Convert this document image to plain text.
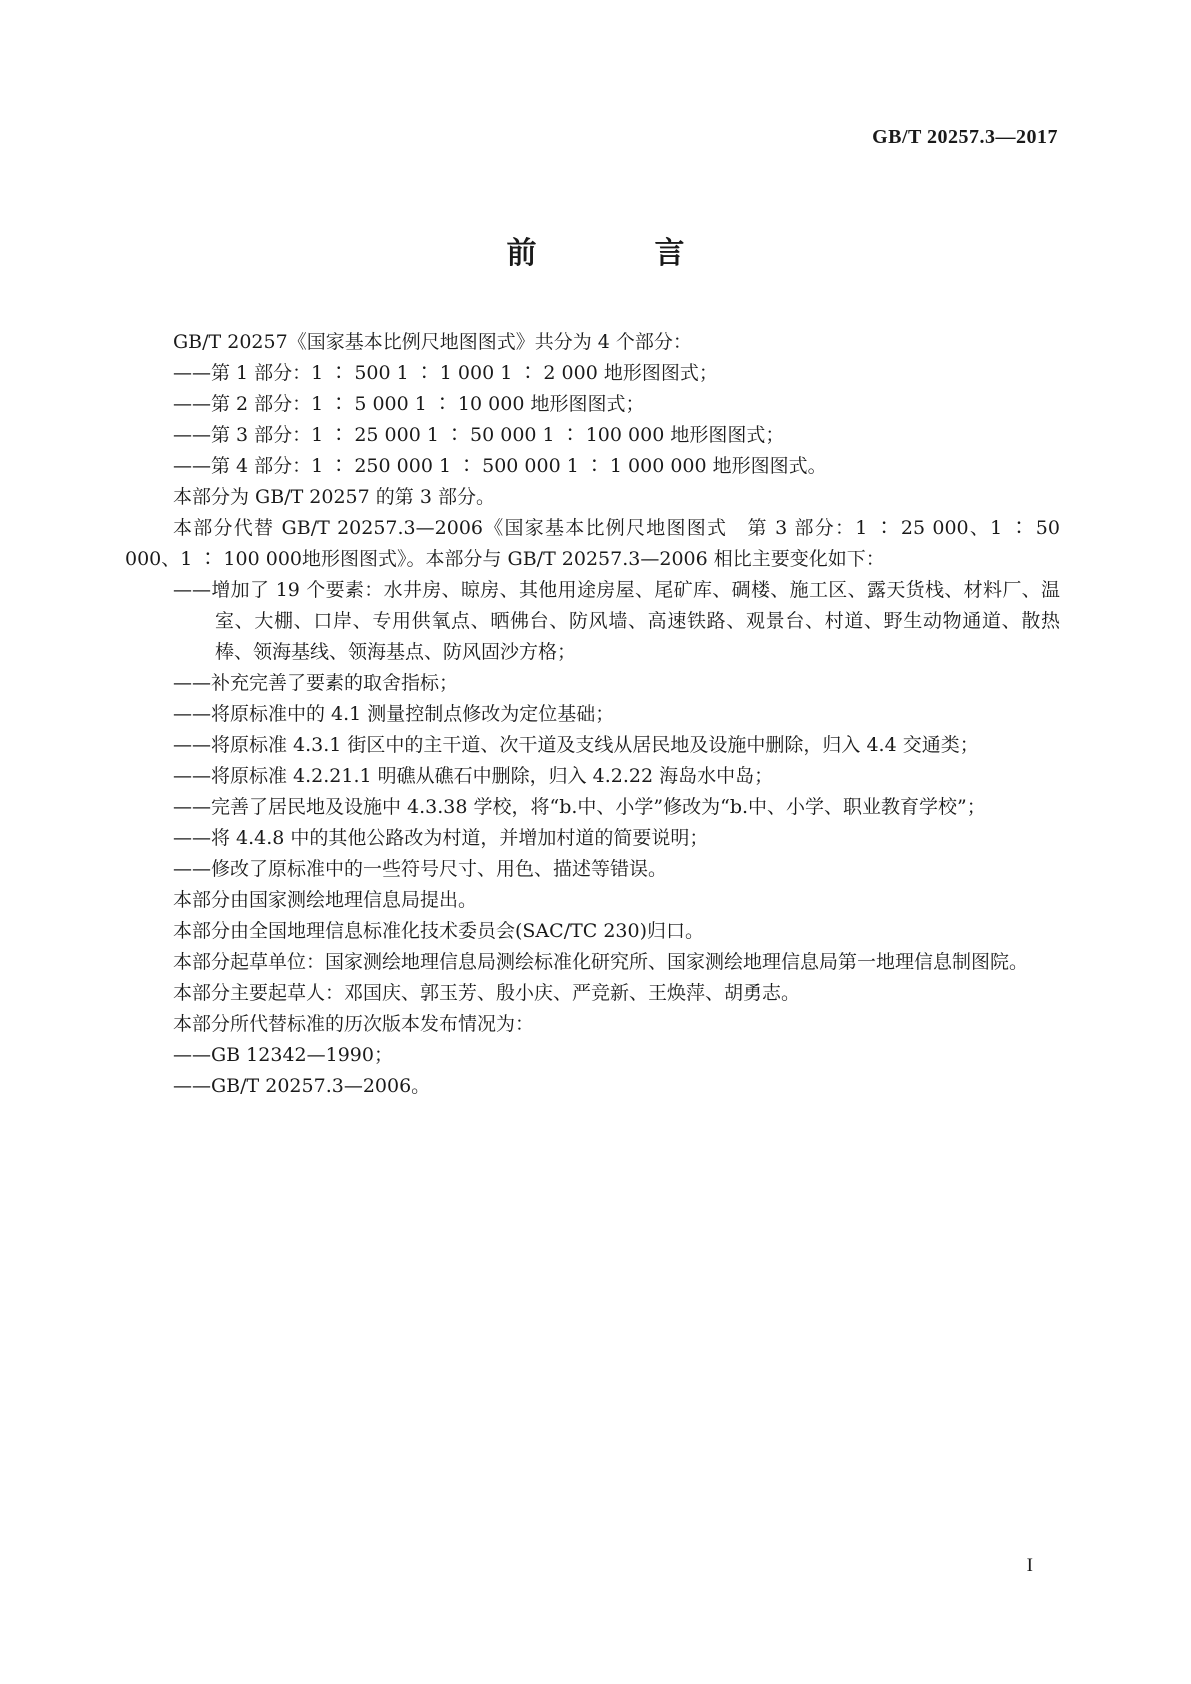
GB/T 20257.3—2017
前　言

GB/T 20257《国家基本比例尺地图图式》共分为 4 个部分：

——第 1 部分：1 ∶ 500 1 ∶ 1 000 1 ∶ 2 000 地形图图式；

——第 2 部分：1 ∶ 5 000 1 ∶ 10 000 地形图图式；

——第 3 部分：1 ∶ 25 000 1 ∶ 50 000 1 ∶ 100 000 地形图图式；

——第 4 部分：1 ∶ 250 000 1 ∶ 500 000 1 ∶ 1 000 000 地形图图式。

本部分为 GB/T 20257 的第 3 部分。

本部分代替 GB/T 20257.3—2006《国家基本比例尺地图图式　第 3 部分：1 ∶ 25 000、1 ∶ 50 000、1 ∶ 100 000地形图图式》。本部分与 GB/T 20257.3—2006 相比主要变化如下：

——增加了 19 个要素：水井房、晾房、其他用途房屋、尾矿库、碉楼、施工区、露天货栈、材料厂、温室、大棚、口岸、专用供氧点、晒佛台、防风墙、高速铁路、观景台、村道、野生动物通道、散热棒、领海基线、领海基点、防风固沙方格；

——补充完善了要素的取舍指标；

——将原标准中的 4.1 测量控制点修改为定位基础；

——将原标准 4.3.1 街区中的主干道、次干道及支线从居民地及设施中删除，归入 4.4 交通类；

——将原标准 4.2.21.1 明礁从礁石中删除，归入 4.2.22 海岛水中岛；

——完善了居民地及设施中 4.3.38 学校，将“b.中、小学”修改为“b.中、小学、职业教育学校”；

——将 4.4.8 中的其他公路改为村道，并增加村道的简要说明；

——修改了原标准中的一些符号尺寸、用色、描述等错误。

本部分由国家测绘地理信息局提出。

本部分由全国地理信息标准化技术委员会(SAC/TC 230)归口。

本部分起草单位：国家测绘地理信息局测绘标准化研究所、国家测绘地理信息局第一地理信息制图院。

本部分主要起草人：邓国庆、郭玉芳、殷小庆、严竞新、王焕萍、胡勇志。

本部分所代替标准的历次版本发布情况为：

——GB 12342—1990；

——GB/T 20257.3—2006。

I
